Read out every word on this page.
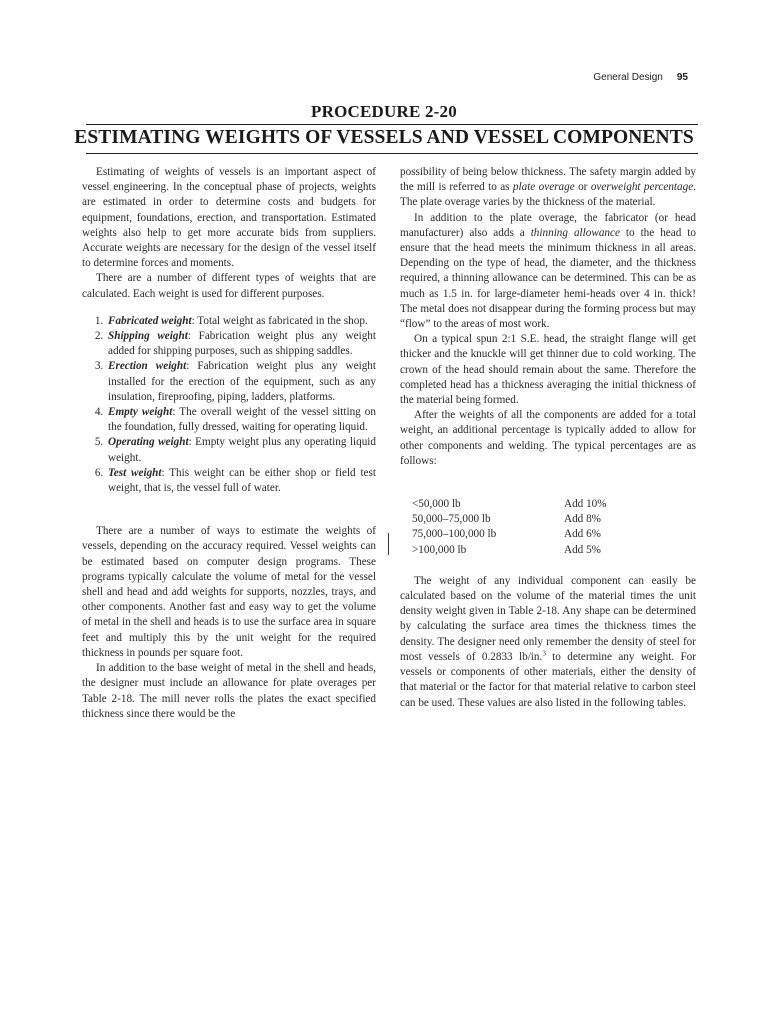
General Design 95
PROCEDURE 2-20
ESTIMATING WEIGHTS OF VESSELS AND VESSEL COMPONENTS

Estimating of weights of vessels is an important aspect of vessel engineering. In the conceptual phase of projects, weights are estimated in order to determine costs and budgets for equipment, foundations, erection, and transportation. Estimated weights also help to get more accurate bids from suppliers. Accurate weights are necessary for the design of the vessel itself to determine forces and moments.

There are a number of different types of weights that are calculated. Each weight is used for different purposes.

1. Fabricated weight: Total weight as fabricated in the shop.
2. Shipping weight: Fabrication weight plus any weight added for shipping purposes, such as shipping saddles.
3. Erection weight: Fabrication weight plus any weight installed for the erection of the equipment, such as any insulation, fireproofing, piping, ladders, platforms.
4. Empty weight: The overall weight of the vessel sitting on the foundation, fully dressed, waiting for operating liquid.
5. Operating weight: Empty weight plus any operating liquid weight.
6. Test weight: This weight can be either shop or field test weight, that is, the vessel full of water.

There are a number of ways to estimate the weights of vessels, depending on the accuracy required. Vessel weights can be estimated based on computer design programs. These programs typically calculate the volume of metal for the vessel shell and head and add weights for supports, nozzles, trays, and other components. Another fast and easy way to get the volume of metal in the shell and heads is to use the surface area in square feet and multiply this by the unit weight for the required thickness in pounds per square foot.

In addition to the base weight of metal in the shell and heads, the designer must include an allowance for plate overages per Table 2-18. The mill never rolls the plates the exact specified thickness since there would be the

possibility of being below thickness. The safety margin added by the mill is referred to as plate overage or overweight percentage. The plate overage varies by the thickness of the material.

In addition to the plate overage, the fabricator (or head manufacturer) also adds a thinning allowance to the head to ensure that the head meets the minimum thickness in all areas. Depending on the type of head, the diameter, and the thickness required, a thinning allowance can be determined. This can be as much as 1.5 in. for large-diameter hemi-heads over 4 in. thick! The metal does not disappear during the forming process but may “flow” to the areas of most work.

On a typical spun 2:1 S.E. head, the straight flange will get thicker and the knuckle will get thinner due to cold working. The crown of the head should remain about the same. Therefore the completed head has a thickness averaging the initial thickness of the material being formed.

After the weights of all the components are added for a total weight, an additional percentage is typically added to allow for other components and welding. The typical percentages are as follows:

<50,000 lb	Add 10%
50,000–75,000 lb	Add 8%
75,000–100,000 lb	Add 6%
>100,000 lb	Add 5%

The weight of any individual component can easily be calculated based on the volume of the material times the unit density weight given in Table 2-18. Any shape can be determined by calculating the surface area times the thickness times the density. The designer need only remember the density of steel for most vessels of 0.2833 lb/in.$^3$ to determine any weight. For vessels or components of other materials, either the density of that material or the factor for that material relative to carbon steel can be used. These values are also listed in the following tables.
